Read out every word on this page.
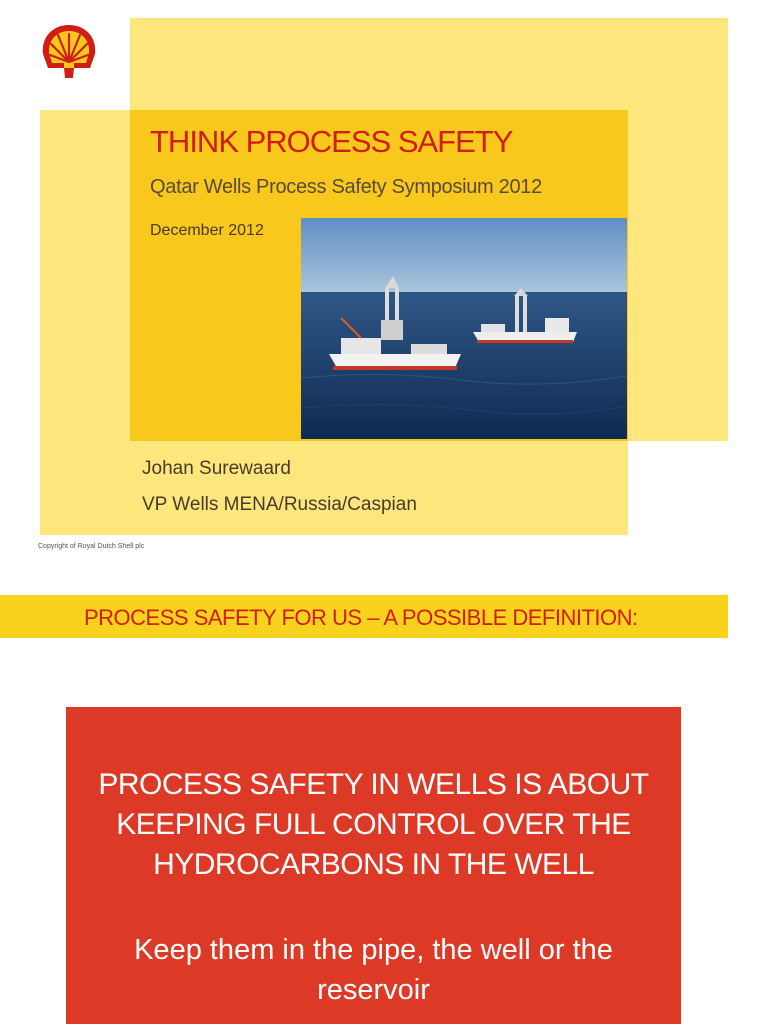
THINK PROCESS SAFETY
Qatar Wells Process Safety Symposium 2012
December 2012
Johan Surewaard
VP Wells MENA/Russia/Caspian
Copyright of Royal Dutch Shell plc
PROCESS SAFETY FOR US – A POSSIBLE DEFINITION:
PROCESS SAFETY IN WELLS IS ABOUT
KEEPING FULL CONTROL OVER THE
HYDROCARBONS IN THE WELL
Keep them in the pipe, the well or the
reservoir
